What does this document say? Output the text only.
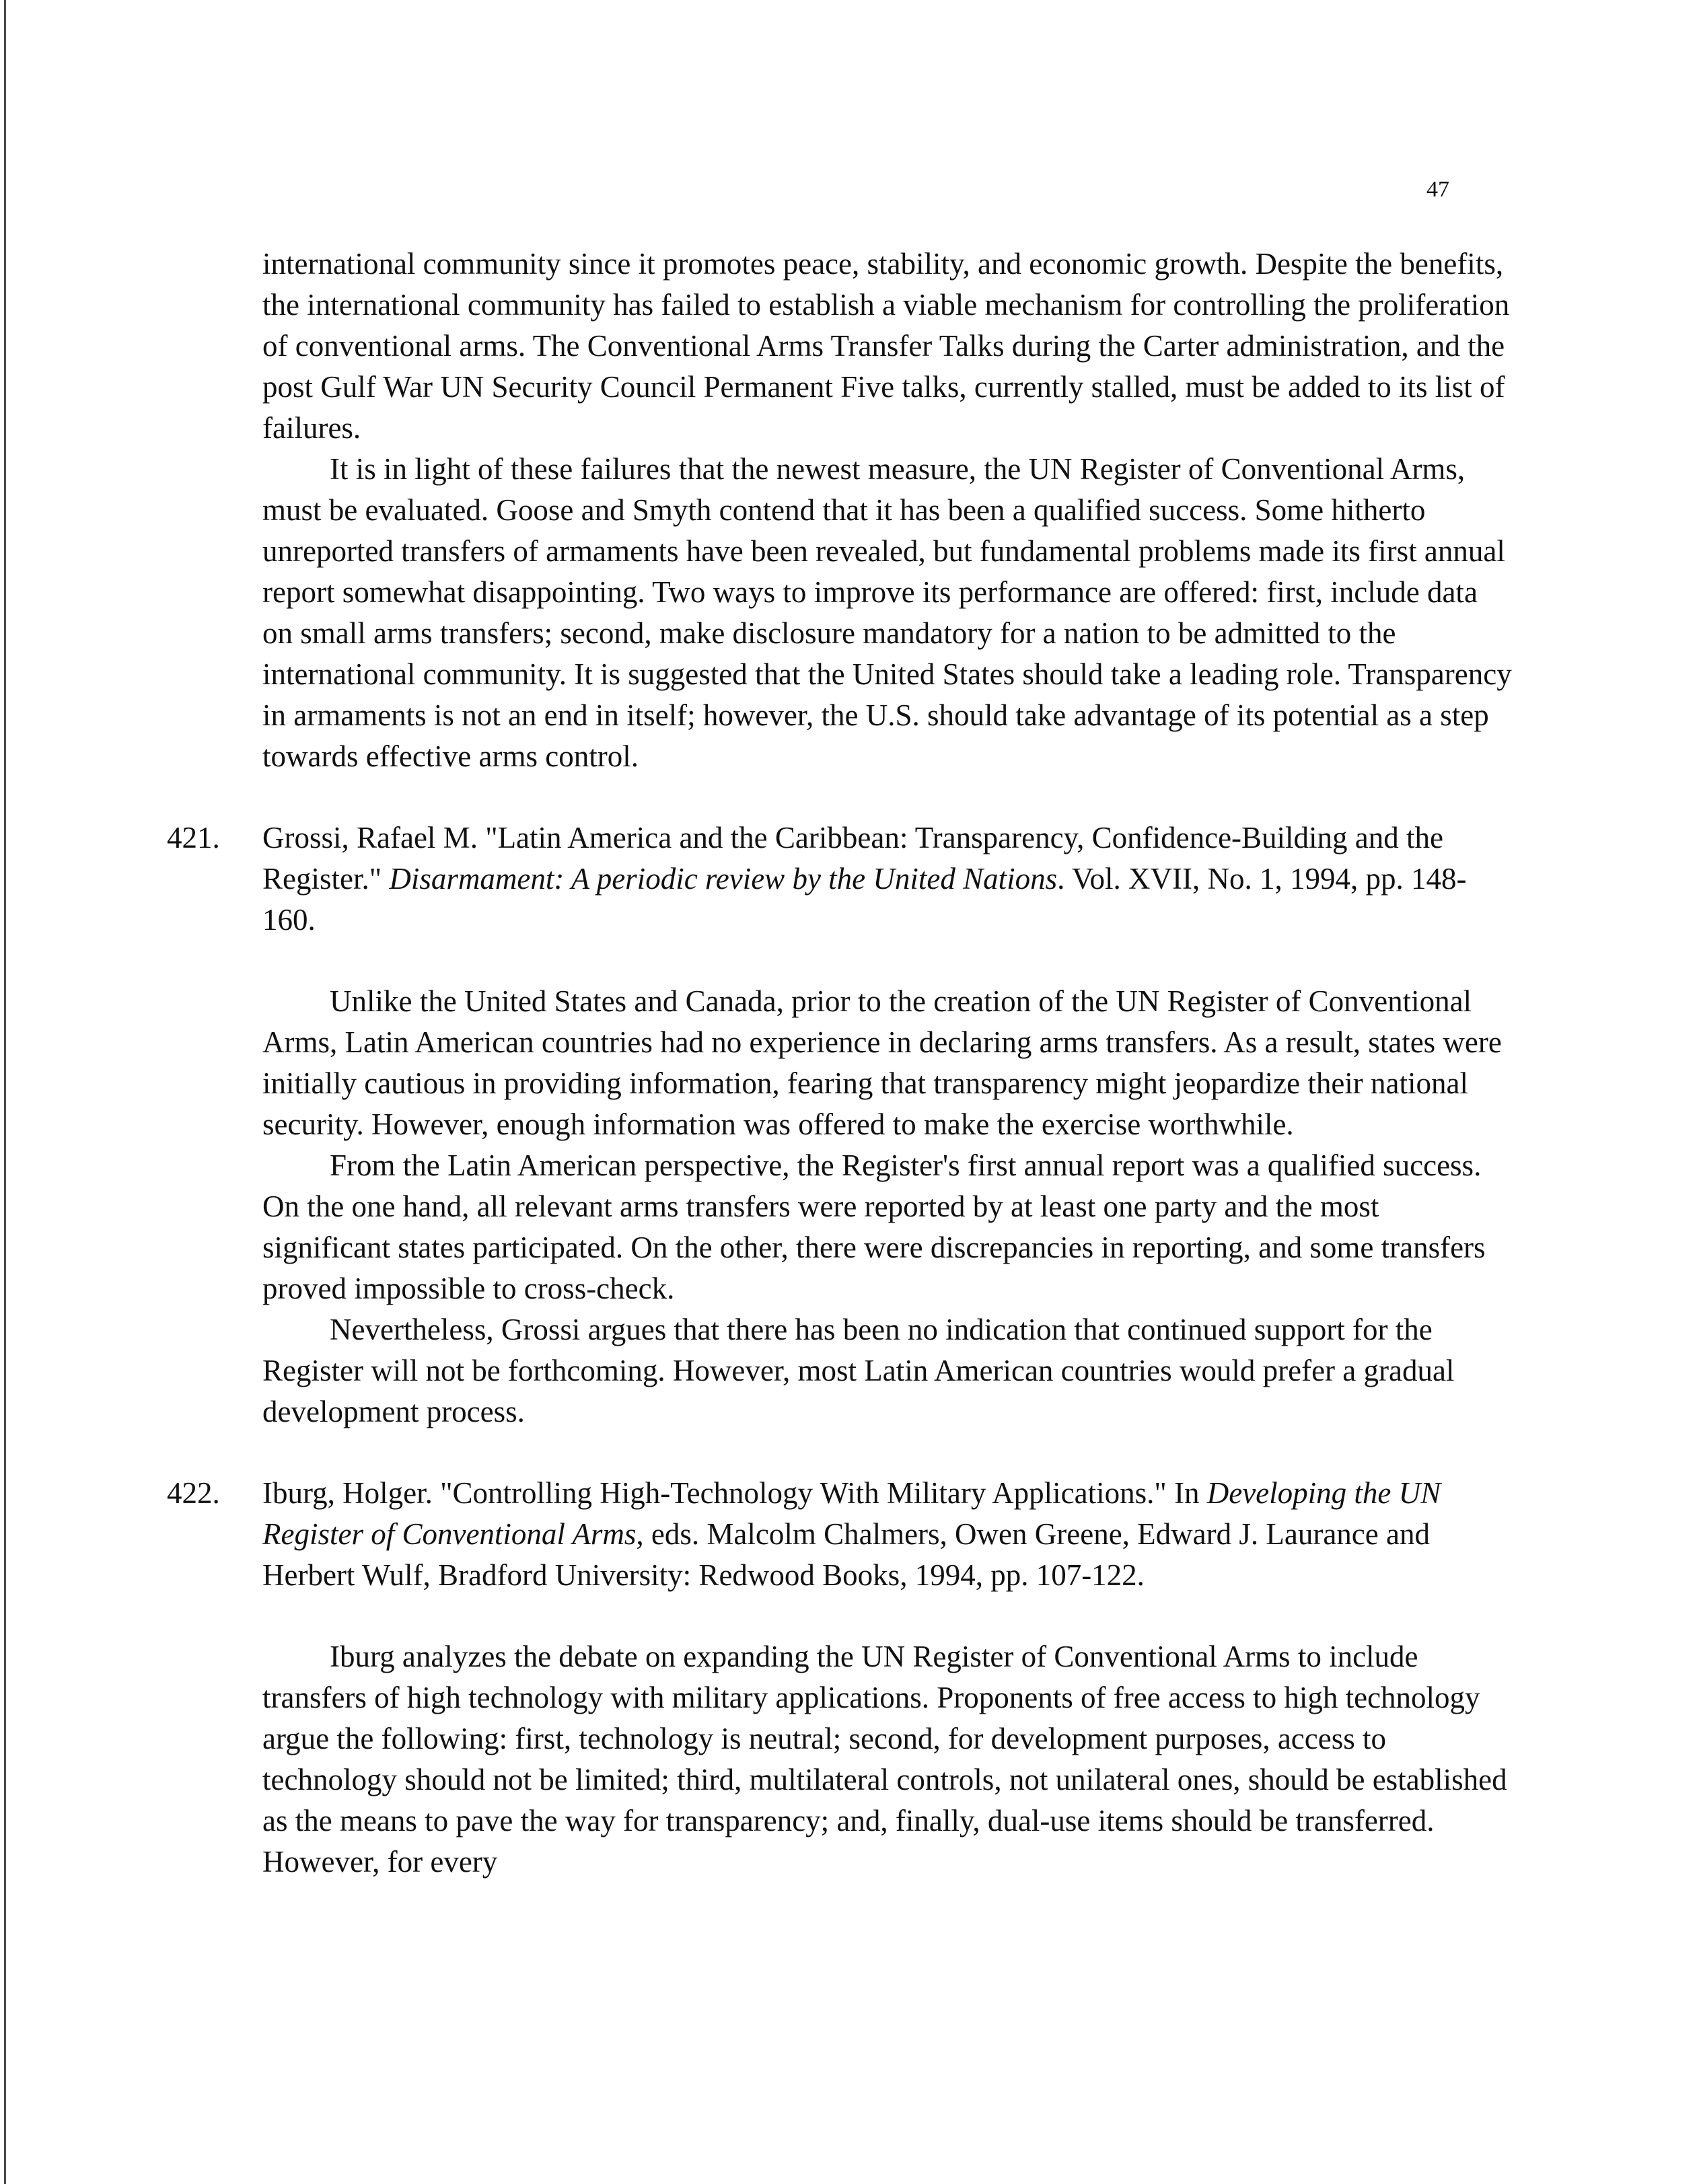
47

international community since it promotes peace, stability, and economic growth. Despite the benefits, the international community has failed to establish a viable mechanism for controlling the proliferation of conventional arms. The Conventional Arms Transfer Talks during the Carter administration, and the post Gulf War UN Security Council Permanent Five talks, currently stalled, must be added to its list of failures.

It is in light of these failures that the newest measure, the UN Register of Conventional Arms, must be evaluated. Goose and Smyth contend that it has been a qualified success. Some hitherto unreported transfers of armaments have been revealed, but fundamental problems made its first annual report somewhat disappointing. Two ways to improve its performance are offered: first, include data on small arms transfers; second, make disclosure mandatory for a nation to be admitted to the international community. It is suggested that the United States should take a leading role. Transparency in armaments is not an end in itself; however, the U.S. should take advantage of its potential as a step towards effective arms control.

421. Grossi, Rafael M. "Latin America and the Caribbean: Transparency, Confidence-Building and the Register." Disarmament: A periodic review by the United Nations. Vol. XVII, No. 1, 1994, pp. 148-160.

Unlike the United States and Canada, prior to the creation of the UN Register of Conventional Arms, Latin American countries had no experience in declaring arms transfers. As a result, states were initially cautious in providing information, fearing that transparency might jeopardize their national security. However, enough information was offered to make the exercise worthwhile.

From the Latin American perspective, the Register's first annual report was a qualified success. On the one hand, all relevant arms transfers were reported by at least one party and the most significant states participated. On the other, there were discrepancies in reporting, and some transfers proved impossible to cross-check.

Nevertheless, Grossi argues that there has been no indication that continued support for the Register will not be forthcoming. However, most Latin American countries would prefer a gradual development process.

422. Iburg, Holger. "Controlling High-Technology With Military Applications." In Developing the UN Register of Conventional Arms, eds. Malcolm Chalmers, Owen Greene, Edward J. Laurance and Herbert Wulf, Bradford University: Redwood Books, 1994, pp. 107-122.

Iburg analyzes the debate on expanding the UN Register of Conventional Arms to include transfers of high technology with military applications. Proponents of free access to high technology argue the following: first, technology is neutral; second, for development purposes, access to technology should not be limited; third, multilateral controls, not unilateral ones, should be established as the means to pave the way for transparency; and, finally, dual-use items should be transferred. However, for every
